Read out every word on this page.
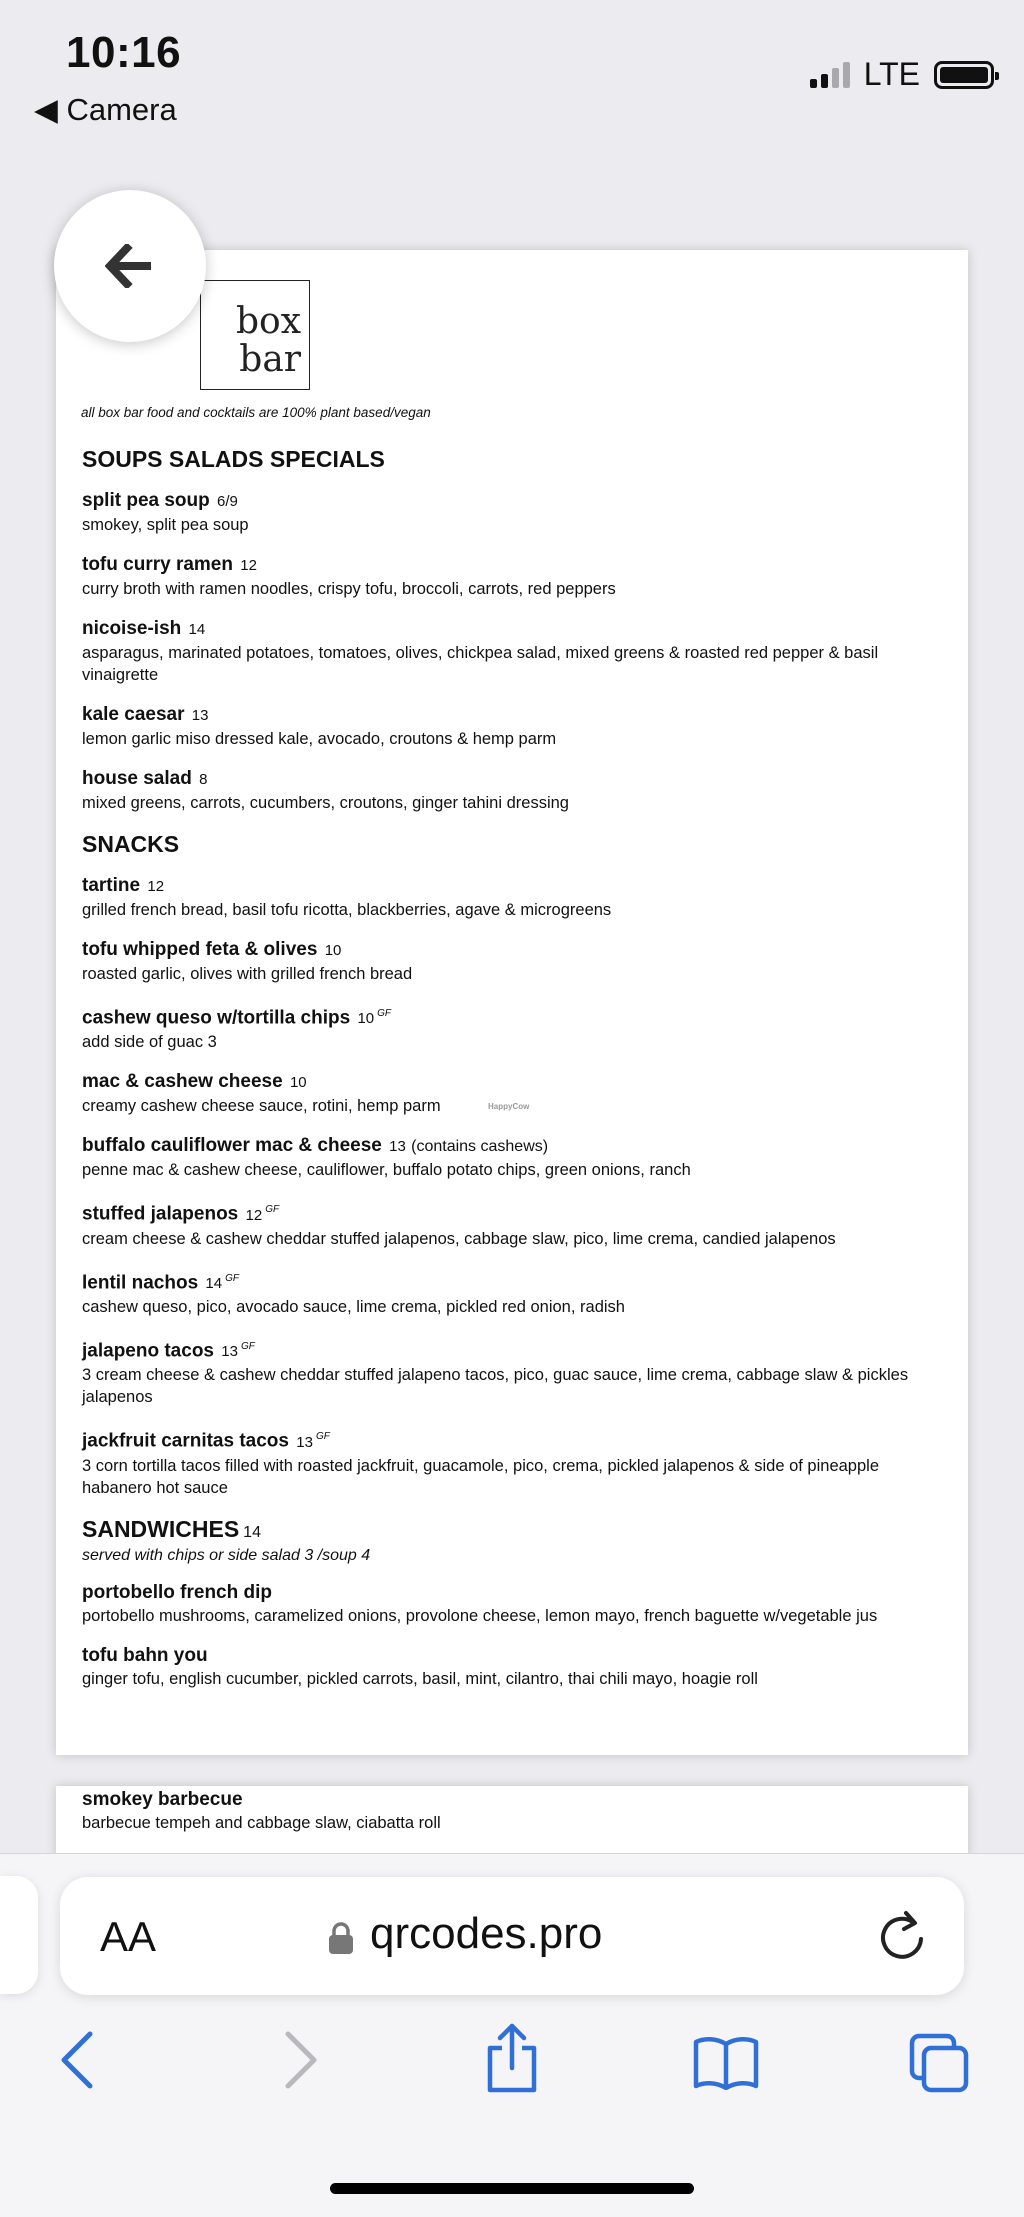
10:16
◀ Camera
LTE
box
bar
all box bar food and cocktails are 100% plant based/vegan
HappyCow
SOUPS SALADS SPECIALS
split pea soup 6/9
smokey, split pea soup
tofu curry ramen 12
curry broth with ramen noodles, crispy tofu, broccoli, carrots, red peppers
nicoise-ish 14
asparagus, marinated potatoes, tomatoes, olives, chickpea salad, mixed greens & roasted red pepper & basil vinaigrette
kale caesar 13
lemon garlic miso dressed kale, avocado, croutons & hemp parm
house salad 8
mixed greens, carrots, cucumbers, croutons, ginger tahini dressing
SNACKS
tartine 12
grilled french bread, basil tofu ricotta, blackberries, agave & microgreens
tofu whipped feta & olives 10
roasted garlic, olives with grilled french bread
cashew queso w/tortilla chips 10 $^{GF}$
add side of guac 3
mac & cashew cheese 10
creamy cashew cheese sauce, rotini, hemp parm
buffalo cauliflower mac & cheese 13 (contains cashews)
penne mac & cashew cheese, cauliflower, buffalo potato chips, green onions, ranch
stuffed jalapenos 12 $^{GF}$
cream cheese & cashew cheddar stuffed jalapenos, cabbage slaw, pico, lime crema, candied jalapenos
lentil nachos 14 $^{GF}$
cashew queso, pico, avocado sauce, lime crema, pickled red onion, radish
jalapeno tacos 13 $^{GF}$
3 cream cheese & cashew cheddar stuffed jalapeno tacos, pico, guac sauce, lime crema, cabbage slaw & pickles jalapenos
jackfruit carnitas tacos 13 $^{GF}$
3 corn tortilla tacos filled with roasted jackfruit, guacamole, pico, crema, pickled jalapenos & side of pineapple habanero hot sauce
SANDWICHES 14
served with chips or side salad 3 /soup 4
portobello french dip
portobello mushrooms, caramelized onions, provolone cheese, lemon mayo, french baguette w/vegetable jus
tofu bahn you
ginger tofu, english cucumber, pickled carrots, basil, mint, cilantro, thai chili mayo, hoagie roll
smokey barbecue
barbecue tempeh and cabbage slaw, ciabatta roll
AA	qrcodes.pro
